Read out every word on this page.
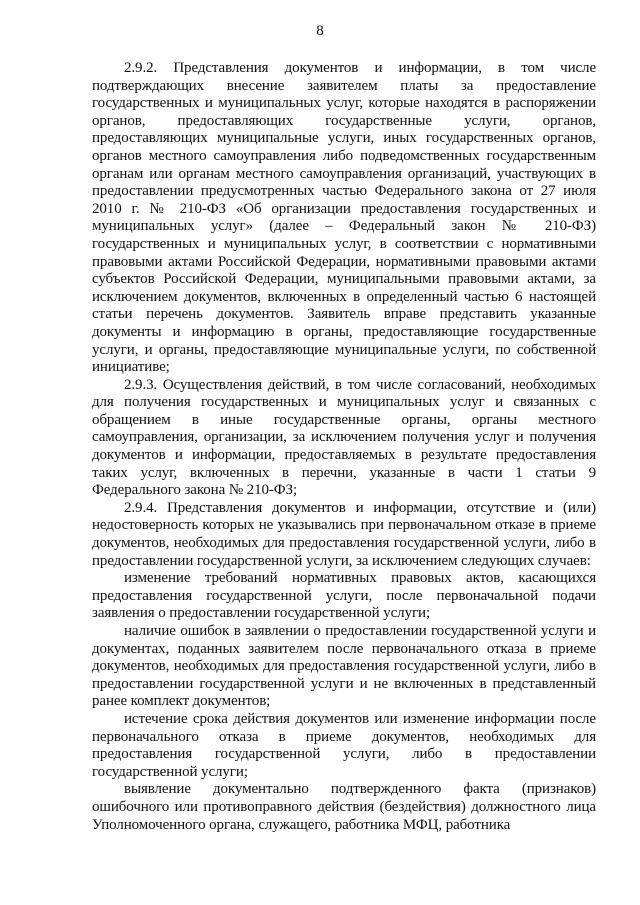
8

2.9.2. Представления документов и информации, в том числе подтверждающих внесение заявителем платы за предоставление государственных и муниципальных услуг, которые находятся в распоряжении органов, предоставляющих государственные услуги, органов, предоставляющих муниципальные услуги, иных государственных органов, органов местного самоуправления либо подведомственных государственным органам или органам местного самоуправления организаций, участвующих в предоставлении предусмотренных частью Федерального закона от 27 июля 2010 г. № 210-ФЗ «Об организации предоставления государственных и муниципальных услуг» (далее – Федеральный закон № 210-ФЗ) государственных и муниципальных услуг, в соответствии с нормативными правовыми актами Российской Федерации, нормативными правовыми актами субъектов Российской Федерации, муниципальными правовыми актами, за исключением документов, включенных в определенный частью 6 настоящей статьи перечень документов. Заявитель вправе представить указанные документы и информацию в органы, предоставляющие государственные услуги, и органы, предоставляющие муниципальные услуги, по собственной инициативе;

2.9.3. Осуществления действий, в том числе согласований, необходимых для получения государственных и муниципальных услуг и связанных с обращением в иные государственные органы, органы местного самоуправления, организации, за исключением получения услуг и получения документов и информации, предоставляемых в результате предоставления таких услуг, включенных в перечни, указанные в части 1 статьи 9 Федерального закона № 210-ФЗ;

2.9.4. Представления документов и информации, отсутствие и (или) недостоверность которых не указывались при первоначальном отказе в приеме документов, необходимых для предоставления государственной услуги, либо в предоставлении государственной услуги, за исключением следующих случаев:

изменение требований нормативных правовых актов, касающихся предоставления государственной услуги, после первоначальной подачи заявления о предоставлении государственной услуги;

наличие ошибок в заявлении о предоставлении государственной услуги и документах, поданных заявителем после первоначального отказа в приеме документов, необходимых для предоставления государственной услуги, либо в предоставлении государственной услуги и не включенных в представленный ранее комплект документов;

истечение срока действия документов или изменение информации после первоначального отказа в приеме документов, необходимых для предоставления государственной услуги, либо в предоставлении государственной услуги;

выявление документально подтвержденного факта (признаков) ошибочного или противоправного действия (бездействия) должностного лица Уполномоченного органа, служащего, работника МФЦ, работника
